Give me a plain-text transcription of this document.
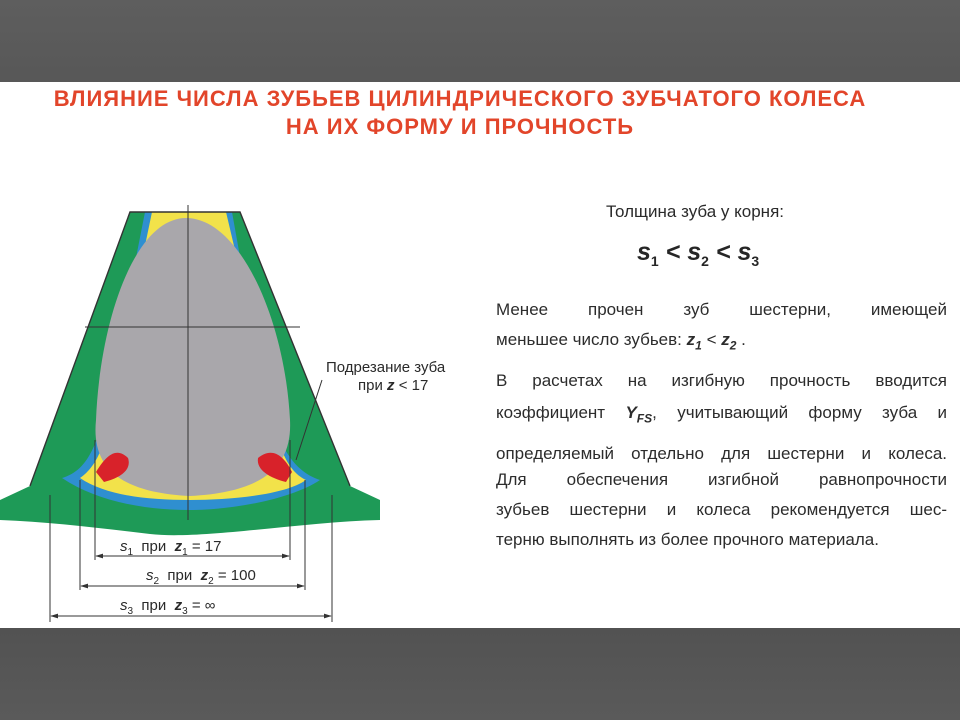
ВЛИЯНИЕ ЧИСЛА ЗУБЬЕВ ЦИЛИНДРИЧЕСКОГО ЗУБЧАТОГО КОЛЕСА
НА ИХ ФОРМУ И ПРОЧНОСТЬ
$s_1$ при $z_1 = 17$
$s_2$ при $z_2 = 100$
$s_3$ при $z_3$ = ∞
Подрезание зуба
при z < 17
Толщина зуба у корня:
$s_1 < s_2 < s_3$
Менее прочен зуб шестерни, имеющей
меньшее число зубьев: $z_1 < z_2$ .
В расчетах на изгибную прочность вводится
коэффициент $Y_{FS}$, учитывающий форму зуба и
определяемый отдельно для шестерни и колеса.
Для обеспечения изгибной равнопрочности
зубьев шестерни и колеса рекомендуется шес-
терню выполнять из более прочного материала.
